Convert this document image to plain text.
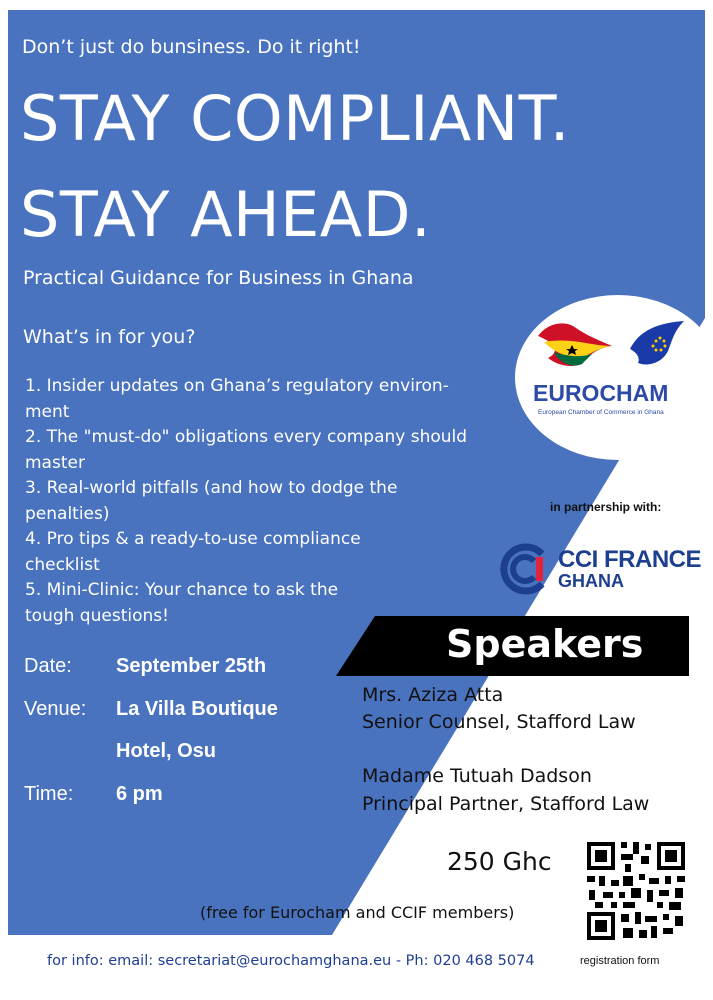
Don’t just do bunsiness. Do it right!

STAY COMPLIANT.
STAY AHEAD.

Practical Guidance for Business in Ghana

What’s in for you?

1. Insider updates on Ghana’s regulatory environ-
ment
2. The "must-do" obligations every company should
master
3. Real-world pitfalls (and how to dodge the
penalties)
4. Pro tips & a ready-to-use compliance
checklist
5. Mini-Clinic: Your chance to ask the
tough questions!
Date: September 25th
Venue: La Villa Boutique
Hotel, Osu
Time: 6 pm
EUROCHAM
European Chamber of Commerce in Ghana
in partnership with:
CCI FRANCE
GHANA
Speakers
Mrs. Aziza Atta
Senior Counsel, Stafford Law
Madame Tutuah Dadson
Principal Partner, Stafford Law
250 Ghc
(free for Eurocham and CCIF members)
registration form
for info: email: secretariat@eurochamghana.eu - Ph: 020 468 5074
